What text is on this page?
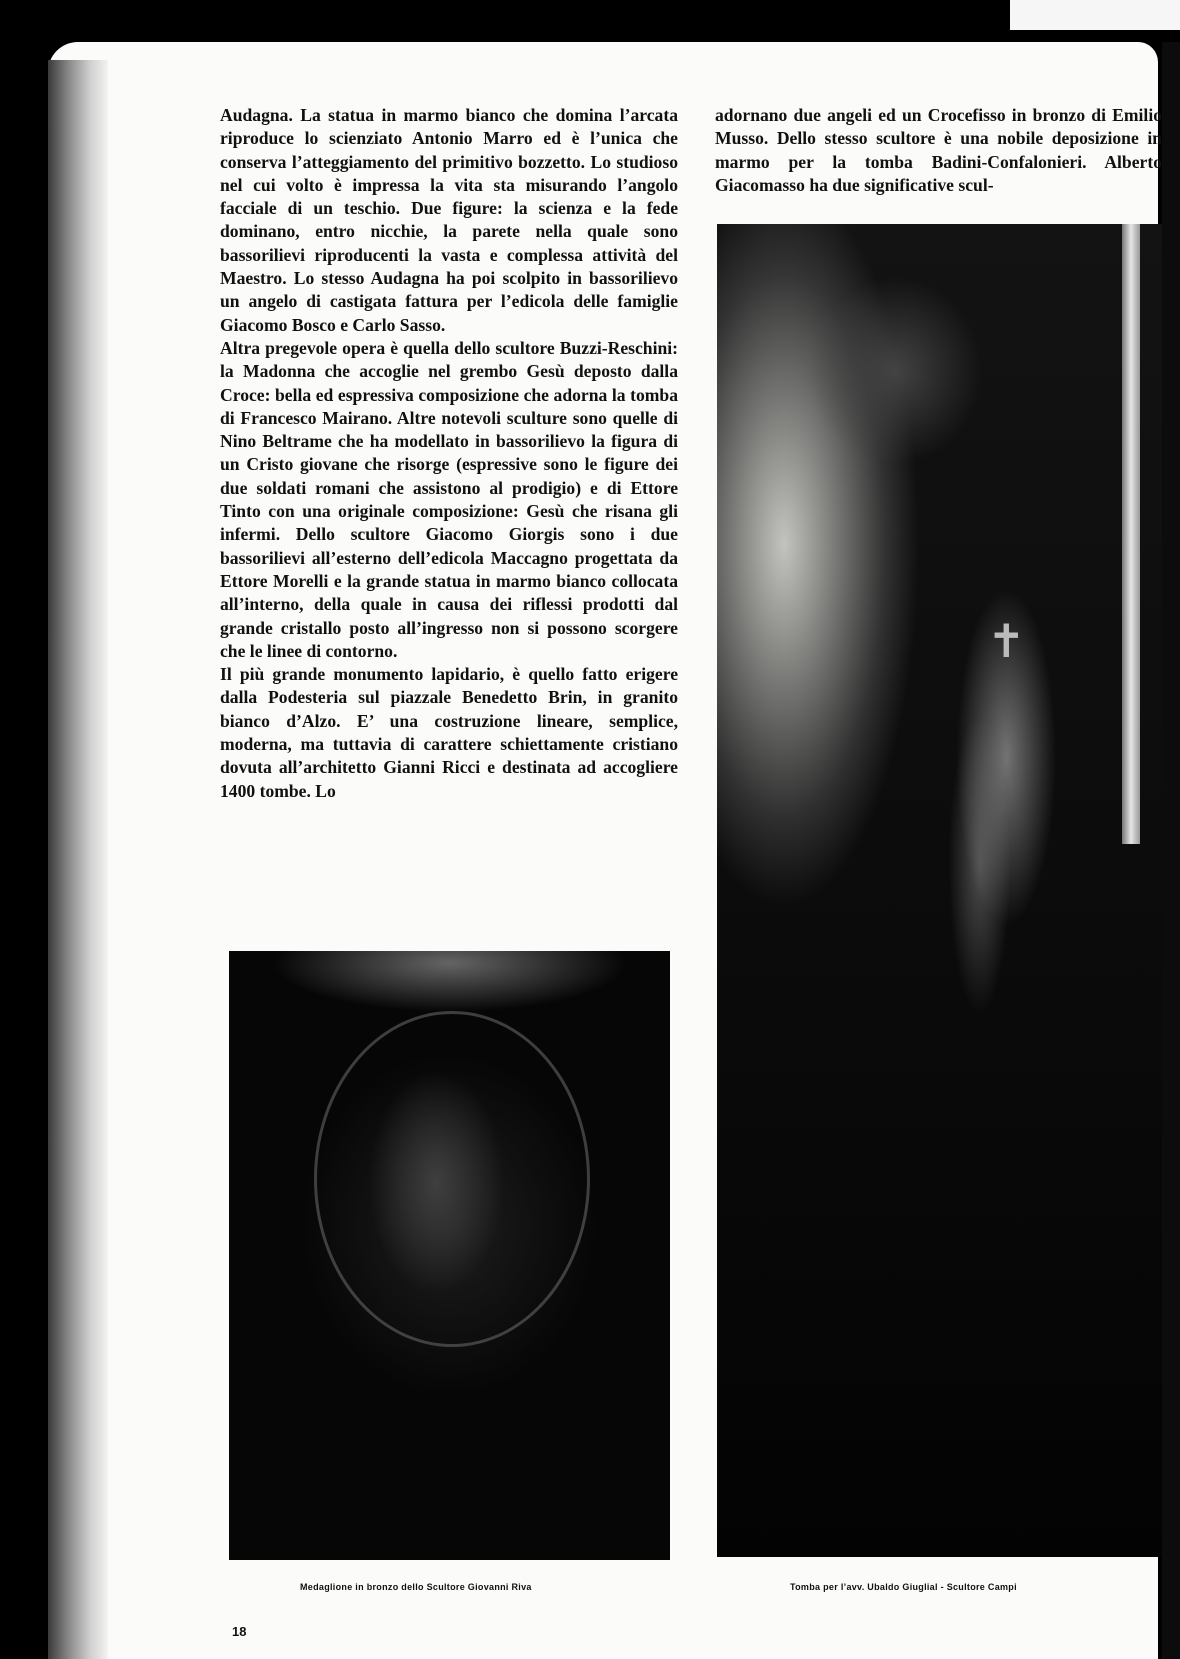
Audagna. La statua in marmo bianco che domina l’arcata riproduce lo scienziato Antonio Marro ed è l’unica che conserva l’atteggiamento del primitivo bozzetto. Lo studioso nel cui volto è impressa la vita sta misurando l’angolo facciale di un teschio. Due figure: la scienza e la fede dominano, entro nicchie, la parete nella quale sono bassorilievi riproducenti la vasta e complessa attività del Maestro. Lo stesso Audagna ha poi scolpito in bassorilievo un angelo di castigata fattura per l’edicola delle famiglie Giacomo Bosco e Carlo Sasso.

Altra pregevole opera è quella dello scultore Buzzi-Reschini: la Madonna che accoglie nel grembo Gesù deposto dalla Croce: bella ed espressiva composizione che adorna la tomba di Francesco Mairano. Altre notevoli sculture sono quelle di Nino Beltrame che ha modellato in bassorilievo la figura di un Cristo giovane che risorge (espressive sono le figure dei due soldati romani che assistono al prodigio) e di Ettore Tinto con una originale composizione: Gesù che risana gli infermi. Dello scultore Giacomo Giorgis sono i due bassorilievi all’esterno dell’edicola Maccagno progettata da Ettore Morelli e la grande statua in marmo bianco collocata all’interno, della quale in causa dei riflessi prodotti dal grande cristallo posto all’ingresso non si possono scorgere che le linee di contorno.

Il più grande monumento lapidario, è quello fatto erigere dalla Podesteria sul piazzale Benedetto Brin, in granito bianco d’Alzo. E’ una costruzione lineare, semplice, moderna, ma tuttavia di carattere schiettamente cristiano dovuta all’architetto Gianni Ricci e destinata ad accogliere 1400 tombe. Lo

adornano due angeli ed un Crocefisso in bronzo di Emilio Musso. Dello stesso scultore è una nobile deposizione in marmo per la tomba Badini-Confalonieri. Alberto Giacomasso ha due significative scul-

✝
Medaglione in bronzo dello Scultore Giovanni Riva	Tomba per l’avv. Ubaldo Giuglial - Scultore Campi
18
